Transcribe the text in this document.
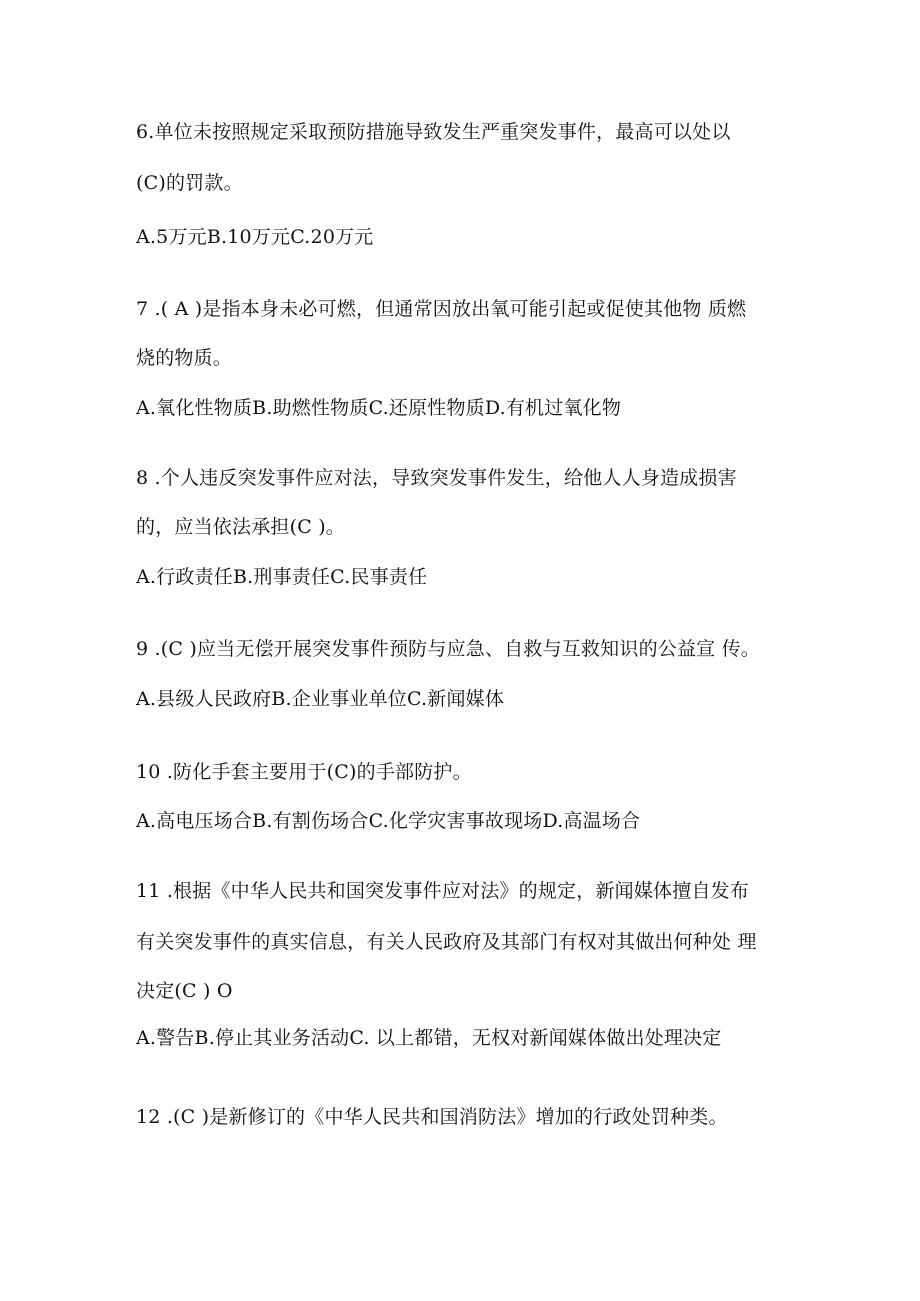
6.单位未按照规定采取预防措施导致发生严重突发事件，最高可以处以
(C)的罚款。
A.5万元B.10万元C.20万元
7 .( A )是指本身未必可燃，但通常因放出氧可能引起或促使其他物 质燃
烧的物质。
A.氧化性物质B.助燃性物质C.还原性物质D.有机过氧化物
8 .个人违反突发事件应对法，导致突发事件发生，给他人人身造成损害
的，应当依法承担(C )。
A.行政责任B.刑事责任C.民事责任
9 .(C )应当无偿开展突发事件预防与应急、自救与互救知识的公益宣 传。
A.县级人民政府B.企业事业单位C.新闻媒体
10 .防化手套主要用于(C)的手部防护。
A.高电压场合B.有割伤场合C.化学灾害事故现场D.高温场合
11 .根据《中华人民共和国突发事件应对法》的规定，新闻媒体擅自发布
有关突发事件的真实信息，有关人民政府及其部门有权对其做出何种处 理
决定(C ) O
A.警告B.停止其业务活动C. 以上都错，无权对新闻媒体做出处理决定
12 .(C )是新修订的《中华人民共和国消防法》增加的行政处罚种类。
